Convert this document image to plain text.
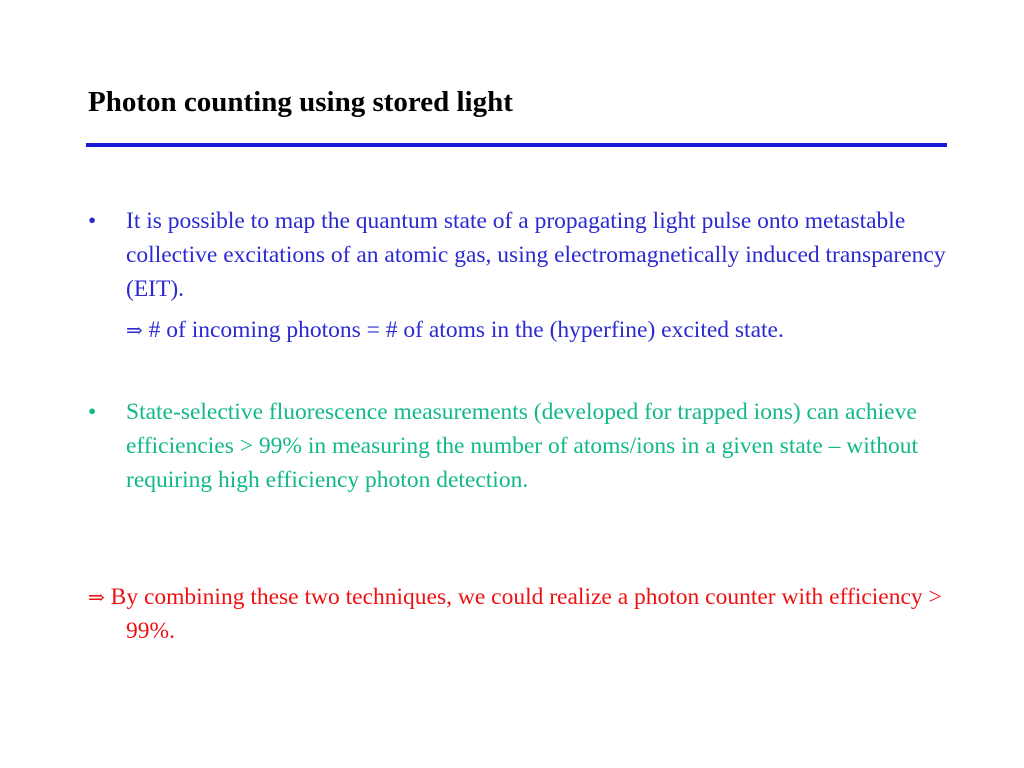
Photon counting using stored light
•	It is possible to map the quantum state of a propagating light pulse onto metastable collective excitations of an atomic gas, using electromagnetically induced transparency (EIT).
⇒ # of incoming photons = # of atoms in the (hyperfine) excited state.
•	State-selective fluorescence measurements (developed for trapped ions) can achieve efficiencies > 99% in measuring the number of atoms/ions in a given state – without requiring high efficiency photon detection.
⇒ By combining these two techniques, we could realize a photon counter with efficiency > 99%.
